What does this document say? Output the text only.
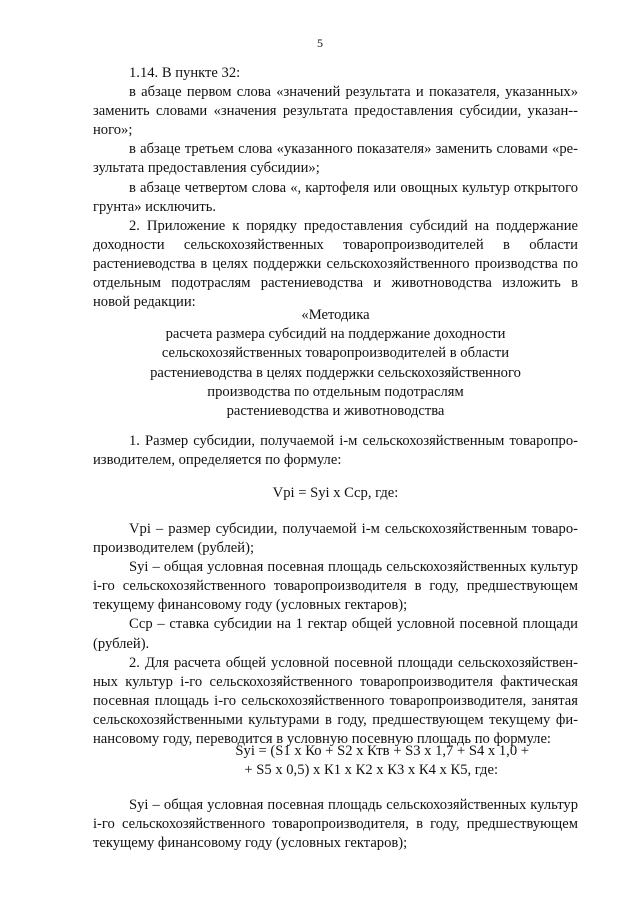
5

1.14. В пункте 32:

в абзаце первом слова «значений результата и показателя, указанных» заменить словами «значения результата предоставления субсидии, указан-ного»;

в абзаце третьем слова «указанного показателя» заменить словами «результата предоставления субсидии»;

в абзаце четвертом слова «, картофеля или овощных культур открытого грунта» исключить.

2. Приложение к порядку предоставления субсидий на поддержание доходности сельскохозяйственных товаропроизводителей в области растениеводства в целях поддержки сельскохозяйственного производства по отдельным подотраслям растениеводства и животноводства изложить в новой редакции:

«Методика
расчета размера субсидий на поддержание доходности
сельскохозяйственных товаропроизводителей в области
растениеводства в целях поддержки сельскохозяйственного
производства по отдельным подотраслям
растениеводства и животноводства

1. Размер субсидии, получаемой i-м сельскохозяйственным товаропроизводителем, определяется по формуле:

Vpi = Syi x Сср, где:

Vpi – размер субсидии, получаемой i-м сельскохозяйственным товаропроизводителем (рублей);

Syi – общая условная посевная площадь сельскохозяйственных культур i-го сельскохозяйственного товаропроизводителя в году, предшествующем текущему финансовому году (условных гектаров);

Сср – ставка субсидии на 1 гектар общей условной посевной площади (рублей).

2. Для расчета общей условной посевной площади сельскохозяйственных культур i-го сельскохозяйственного товаропроизводителя фактическая посевная площадь i-го сельскохозяйственного товаропроизводителя, занятая сельскохозяйственными культурами в году, предшествующем текущему финансовому году, переводится в условную посевную площадь по формуле:

Syi = (S1 x Ко + S2 x Ктв + S3 x 1,7 + S4 x 1,0 +
+ S5 x 0,5) x К1 x К2 x К3 x К4 x К5, где:

Syi – общая условная посевная площадь сельскохозяйственных культур i-го сельскохозяйственного товаропроизводителя, в году, предшествующем текущему финансовому году (условных гектаров);
